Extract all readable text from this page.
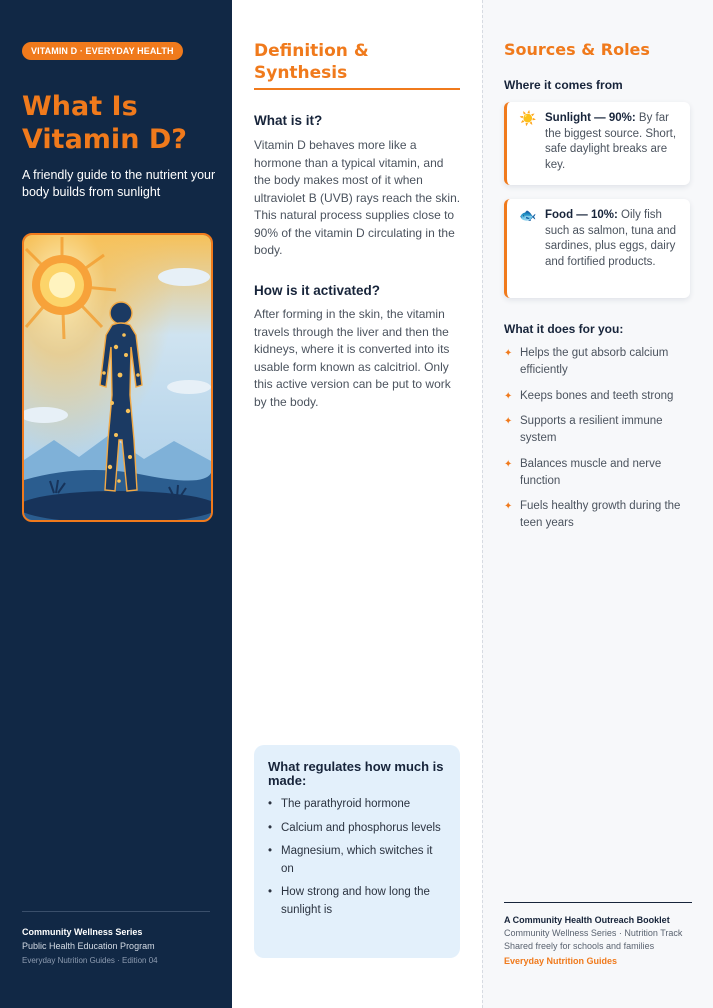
VITAMIN D · EVERYDAY HEALTH
What Is
Vitamin D?
A friendly guide to the nutrient your body builds from sunlight
Community Wellness Series
Public Health Education Program
Everyday Nutrition Guides · Edition 04
Definition & Synthesis
What is it?

Vitamin D behaves more like a hormone than a typical vitamin, and the body makes most of it when ultraviolet B (UVB) rays reach the skin. This natural process supplies close to 90% of the vitamin D circulating in the body.

How is it activated?

After forming in the skin, the vitamin travels through the liver and then the kidneys, where it is converted into its usable form known as calcitriol. Only this active version can be put to work by the body.

What regulates how much is made:

• The parathyroid hormone
• Calcium and phosphorus levels
• Magnesium, which switches it on
• How strong and how long the sunlight is
Sources & Roles
Where it comes from
☀️ Sunlight — 90%: By far the biggest source. Short, safe daylight breaks are key.
🐟 Food — 10%: Oily fish such as salmon, tuna and sardines, plus eggs, dairy and fortified products.
What it does for you:
✦ Helps the gut absorb calcium efficiently
✦ Keeps bones and teeth strong
✦ Supports a resilient immune system
✦ Balances muscle and nerve function
✦ Fuels healthy growth during the teen years
A Community Health Outreach Booklet
Community Wellness Series · Nutrition Track
Shared freely for schools and families
Everyday Nutrition Guides
